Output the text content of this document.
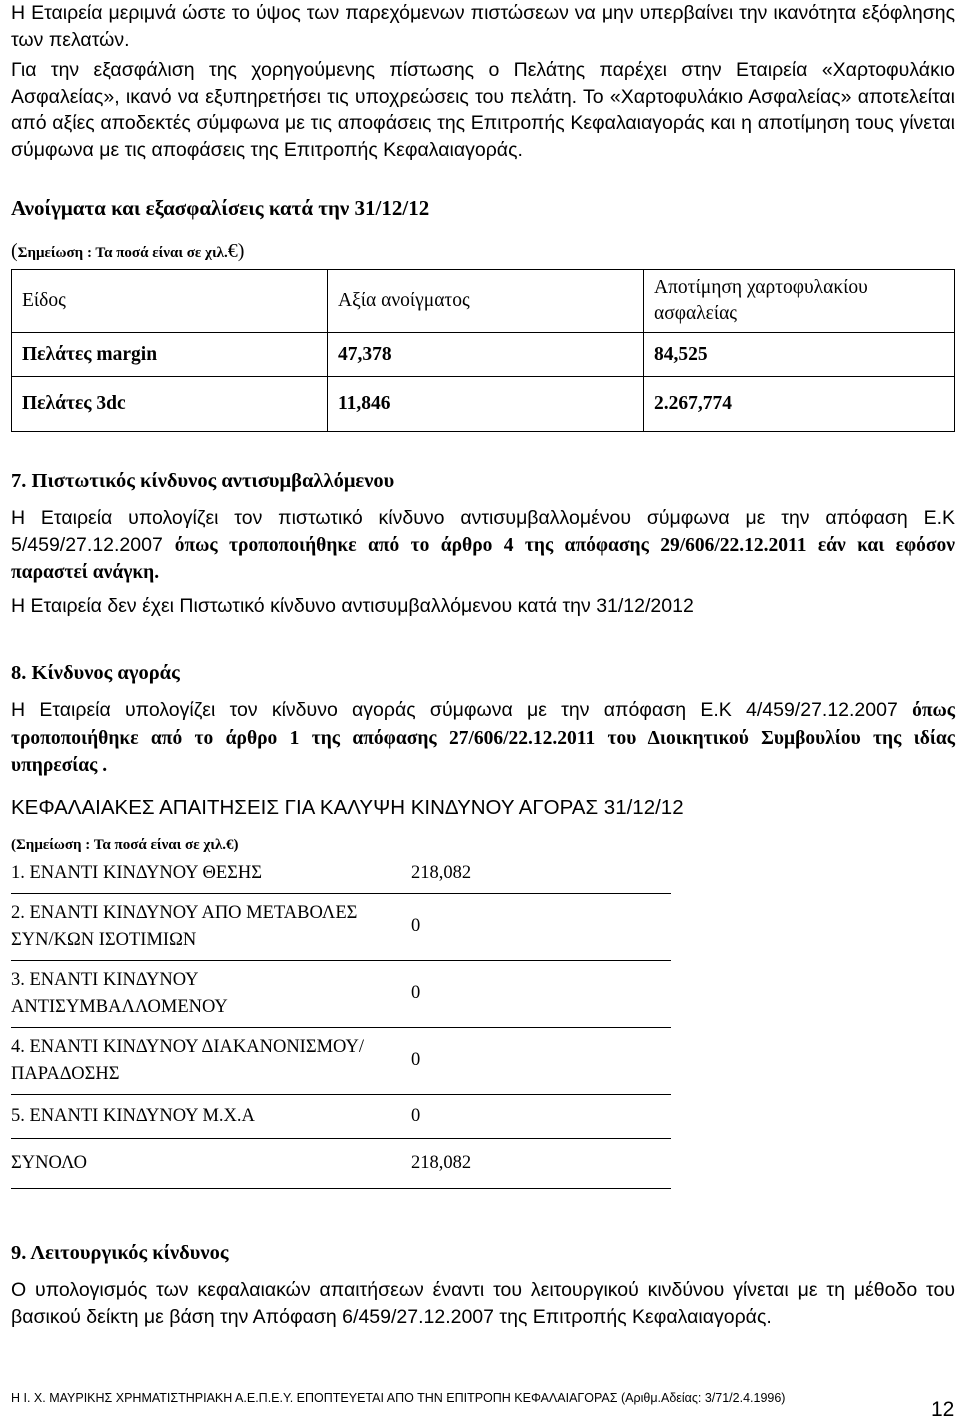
Η Εταιρεία μεριμνά ώστε το ύψος των παρεχόμενων πιστώσεων να μην υπερβαίνει την ικανότητα εξόφλησης των πελατών.

Για την εξασφάλιση της χορηγούμενης πίστωσης ο Πελάτης παρέχει στην Εταιρεία «Χαρτοφυλάκιο Ασφαλείας», ικανό να εξυπηρετήσει τις υποχρεώσεις του πελάτη. Το «Χαρτοφυλάκιο Ασφαλείας» αποτελείται από αξίες αποδεκτές σύμφωνα με τις αποφάσεις της Επιτροπής Κεφαλαιαγοράς και η αποτίμηση τους γίνεται σύμφωνα με τις αποφάσεις της Επιτροπής Κεφαλαιαγοράς.

Ανοίγματα και εξασφαλίσεις κατά την 31/12/12
(Σημείωση : Τα ποσά είναι σε χιλ.€)
Είδος	Αξία ανοίγματος	Αποτίμηση χαρτοφυλακίου ασφαλείας
Πελάτες margin	47,378	84,525
Πελάτες 3dc	11,846	2.267,774
7. Πιστωτικός κίνδυνος αντισυμβαλλόμενου

Η Εταιρεία υπολογίζει τον πιστωτικό κίνδυνο αντισυμβαλλομένου σύμφωνα με την απόφαση Ε.Κ 5/459/27.12.2007 όπως τροποποιήθηκε από το άρθρο 4 της απόφασης 29/606/22.12.2011 εάν και εφόσον παραστεί ανάγκη.

Η Εταιρεία δεν έχει Πιστωτικό κίνδυνο αντισυμβαλλόμενου κατά την 31/12/2012

8. Κίνδυνος αγοράς

Η Εταιρεία υπολογίζει τον κίνδυνο αγοράς σύμφωνα με την απόφαση Ε.Κ 4/459/27.12.2007 όπως τροποποιήθηκε από το άρθρο 1 της απόφασης 27/606/22.12.2011 του Διοικητικού Συμβουλίου της ιδίας υπηρεσίας .

ΚΕΦΑΛΑΙΑΚΕΣ ΑΠΑΙΤΗΣΕΙΣ ΓΙΑ ΚΑΛΥΨΗ ΚΙΝΔΥΝΟΥ ΑΓΟΡΑΣ 31/12/12
(Σημείωση : Τα ποσά είναι σε χιλ.€)
1. ΕΝΑΝΤΙ ΚΙΝΔΥΝΟΥ ΘΕΣΗΣ	218,082
2. ΕΝΑΝΤΙ ΚΙΝΔΥΝΟΥ ΑΠΟ ΜΕΤΑΒΟΛΕΣ ΣΥΝ/ΚΩΝ ΙΣΟΤΙΜΙΩΝ	0
3. ΕΝΑΝΤΙ ΚΙΝΔΥΝΟΥ ΑΝΤΙΣΥΜΒΑΛΛΟΜΕΝΟΥ	0
4. ΕΝΑΝΤΙ ΚΙΝΔΥΝΟΥ ΔΙΑΚΑΝΟΝΙΣΜΟΥ/ΠΑΡΑΔΟΣΗΣ	0
5. ΕΝΑΝΤΙ ΚΙΝΔΥΝΟΥ Μ.Χ.Α	0
ΣΥΝΟΛΟ	218,082
9. Λειτουργικός κίνδυνος

Ο υπολογισμός των κεφαλαιακών απαιτήσεων έναντι του λειτουργικού κινδύνου γίνεται με τη μέθοδο του βασικού δείκτη με βάση την Απόφαση 6/459/27.12.2007 της Επιτροπής Κεφαλαιαγοράς.

Η Ι. Χ. ΜΑΥΡΙΚΗΣ ΧΡΗΜΑΤΙΣΤΗΡΙΑΚΗ Α.Ε.Π.Ε.Υ. ΕΠΟΠΤΕΥΕΤΑΙ ΑΠΟ ΤΗΝ ΕΠΙΤΡΟΠΗ ΚΕΦΑΛΑΙΑΓΟΡΑΣ (Αριθμ.Αδείας: 3/71/2.4.1996)	12
